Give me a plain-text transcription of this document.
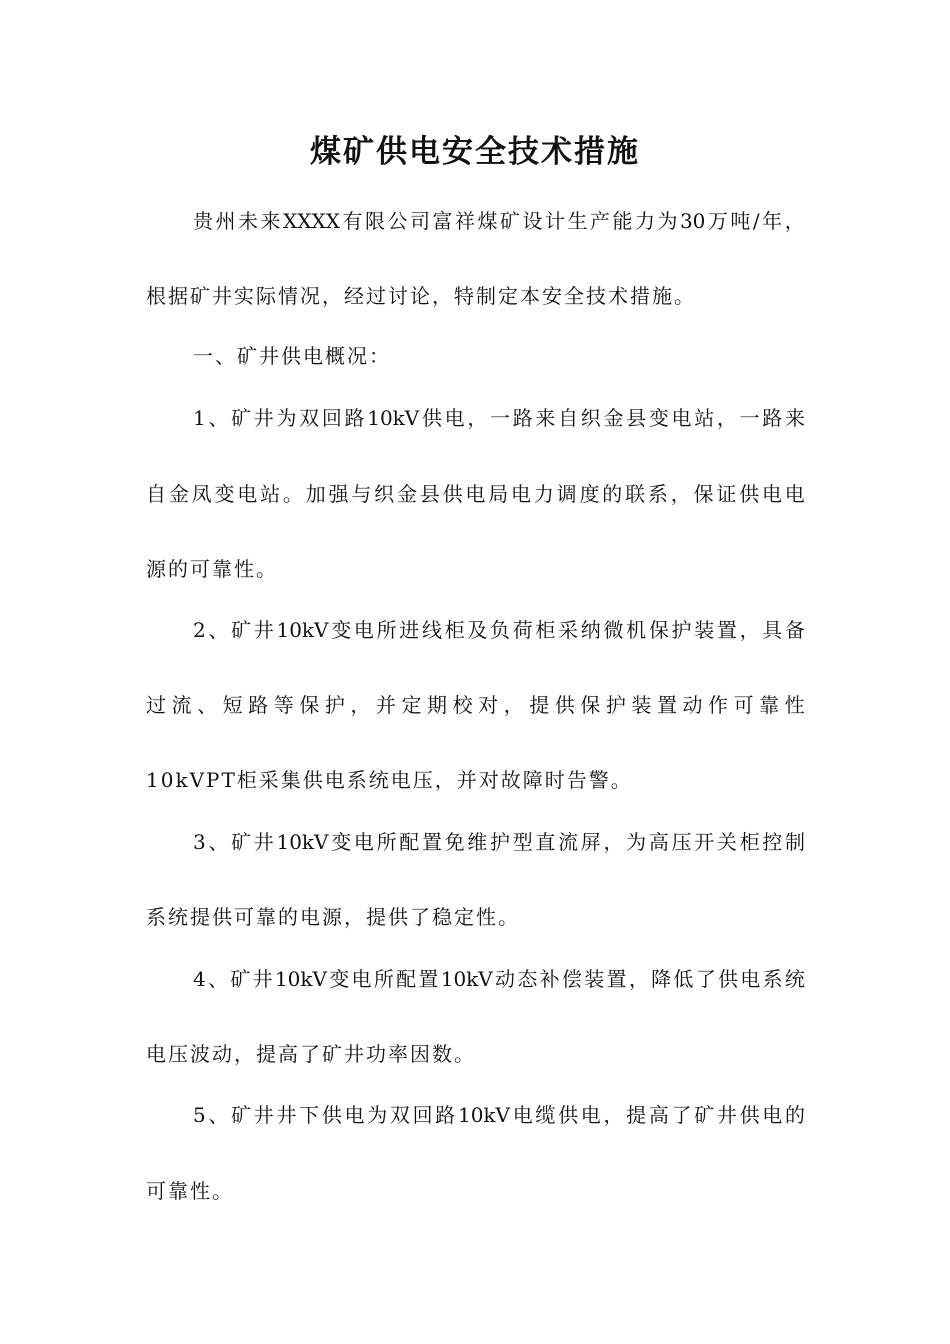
煤矿供电安全技术措施
贵 州 未 来 XXXX 有 限 公 司 富 祥 煤 矿 设 计 生 产 能 力 为 30 万 吨 / 年 ，
根据矿井实际情况，经过讨论，特制定本安全技术措施。
一、矿井供电概况：
1 、 矿 井 为 双 回 路 10kV 供 电 ， 一 路 来 自 织 金 县 变 电 站 ， 一 路 来
自 金 凤 变 电 站 。 加 强 与 织 金 县 供 电 局 电 力 调 度 的 联 系 ， 保 证 供 电 电
源的可靠性。
2 、 矿 井 10kV 变 电 所 进 线 柜 及 负 荷 柜 采 纳 微 机 保 护 装 置 ， 具 备
过 流 、 短 路 等 保 护 ， 并 定 期 校 对 ， 提 供 保 护 装 置 动 作 可 靠 性
10kVPT柜采集供电系统电压，并对故障时告警。
3 、 矿 井 10kV 变 电 所 配 置 免 维 护 型 直 流 屏 ， 为 高 压 开 关 柜 控 制
系统提供可靠的电源，提供了稳定性。
4 、 矿 井 10kV 变 电 所 配 置 10kV 动 态 补 偿 装 置 ， 降 低 了 供 电 系 统
电压波动，提高了矿井功率因数。
5 、 矿 井 井 下 供 电 为 双 回 路 10kV 电 缆 供 电 ， 提 高 了 矿 井 供 电 的
可靠性。
